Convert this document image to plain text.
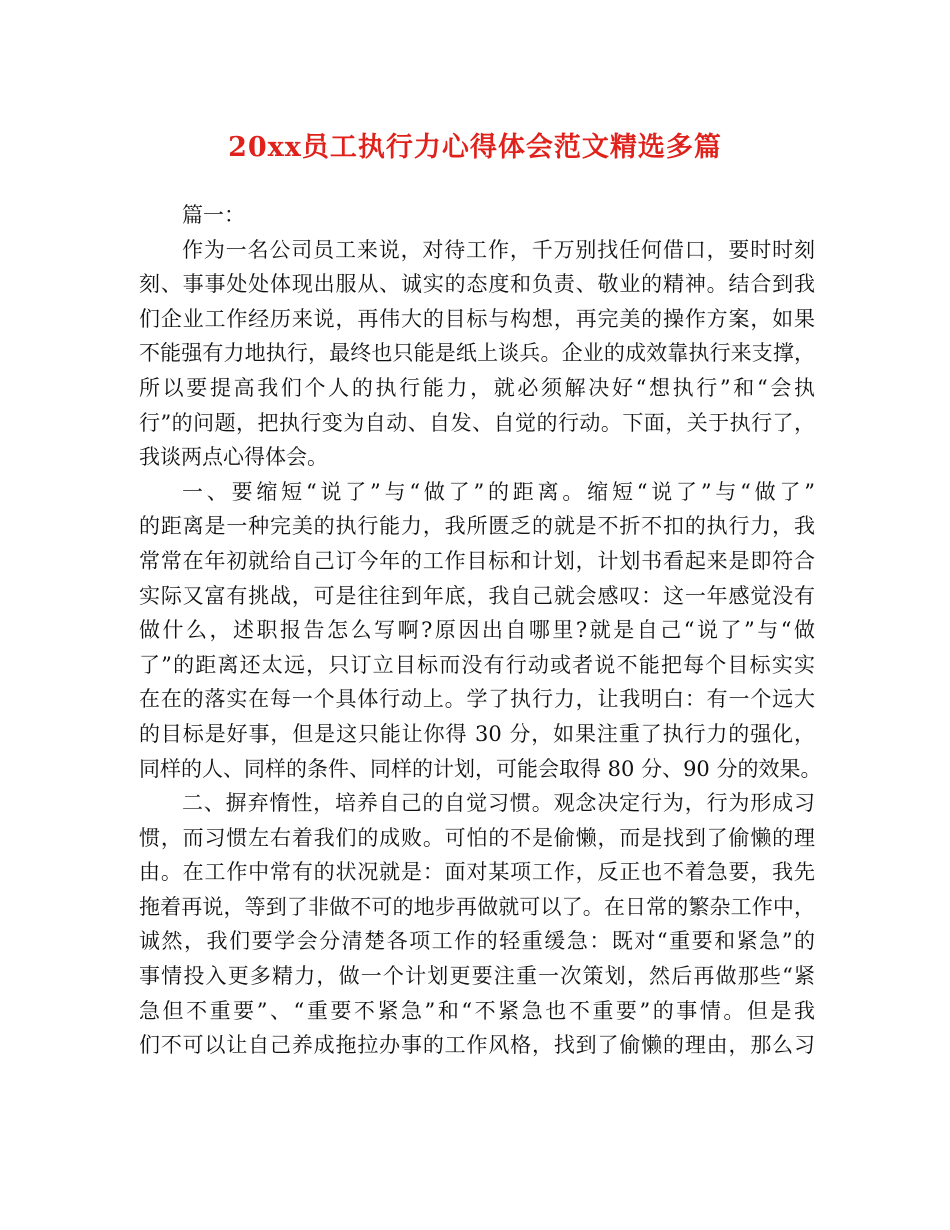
20xx员工执行力心得体会范文精选多篇
篇一：
作为一名公司员工来说，对待工作，千万别找任何借口，要时时刻
刻、事事处处体现出服从、诚实的态度和负责、敬业的精神。结合到我
们企业工作经历来说，再伟大的目标与构想，再完美的操作方案，如果
不能强有力地执行，最终也只能是纸上谈兵。企业的成效靠执行来支撑，
所以要提高我们个人的执行能力，就必须解决好“想执行”和“会执
行”的问题，把执行变为自动、自发、自觉的行动。下面，关于执行了，
我谈两点心得体会。
一、要缩短“说了”与“做了”的距离。缩短“说了”与“做了”
的距离是一种完美的执行能力，我所匮乏的就是不折不扣的执行力，我
常常在年初就给自己订今年的工作目标和计划，计划书看起来是即符合
实际又富有挑战，可是往往到年底，我自己就会感叹：这一年感觉没有
做什么，述职报告怎么写啊?原因出自哪里?就是自己“说了”与“做
了”的距离还太远，只订立目标而没有行动或者说不能把每个目标实实
在在的落实在每一个具体行动上。学了执行力，让我明白：有一个远大
的目标是好事，但是这只能让你得 30 分，如果注重了执行力的强化，
同样的人、同样的条件、同样的计划，可能会取得 80 分、90 分的效果。
二、摒弃惰性，培养自己的自觉习惯。观念决定行为，行为形成习
惯，而习惯左右着我们的成败。可怕的不是偷懒，而是找到了偷懒的理
由。在工作中常有的状况就是：面对某项工作，反正也不着急要，我先
拖着再说，等到了非做不可的地步再做就可以了。在日常的繁杂工作中，
诚然，我们要学会分清楚各项工作的轻重缓急：既对“重要和紧急”的
事情投入更多精力，做一个计划更要注重一次策划，然后再做那些“紧
急但不重要”、“重要不紧急”和“不紧急也不重要”的事情。但是我
们不可以让自己养成拖拉办事的工作风格，找到了偷懒的理由，那么习
